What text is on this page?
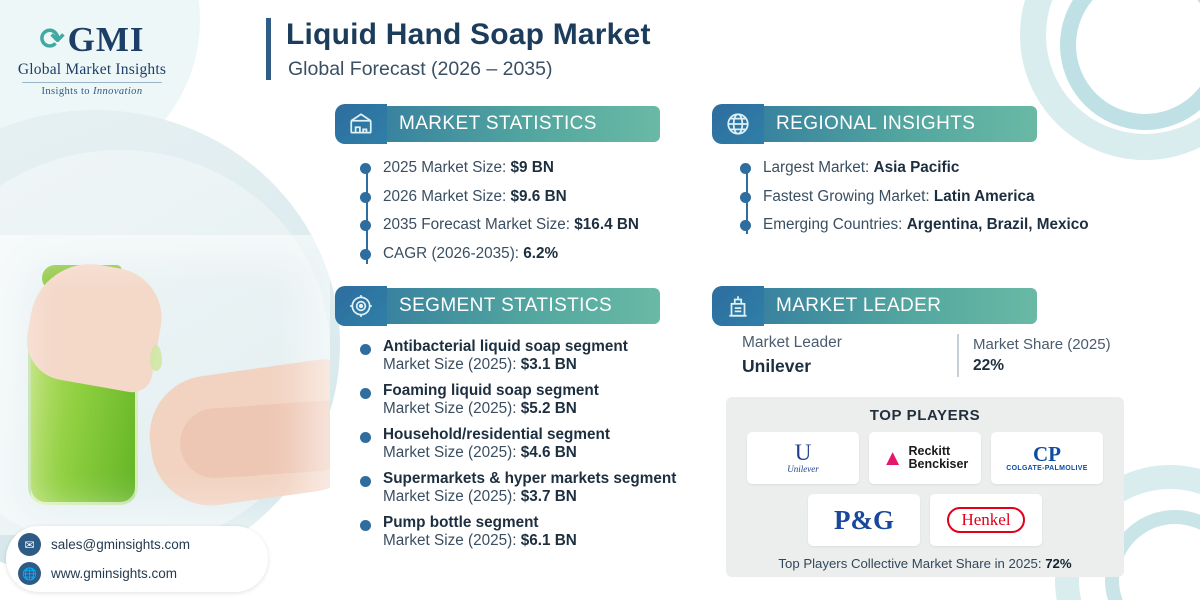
⟳ GMI
Global Market Insights
Insights to Innovation
Liquid Hand Soap Market
Global Forecast (2026 – 2035)
MARKET STATISTICS
2025 Market Size: $9 BN
2026 Market Size: $9.6 BN
2035 Forecast Market Size: $16.4 BN
CAGR (2026-2035): 6.2%
REGIONAL INSIGHTS
Largest Market: Asia Pacific
Fastest Growing Market: Latin America
Emerging Countries: Argentina, Brazil, Mexico
SEGMENT STATISTICS
Antibacterial liquid soap segment
Market Size (2025): $3.1 BN
Foaming liquid soap segment
Market Size (2025): $5.2 BN
Household/residential segment
Market Size (2025): $4.6 BN
Supermarkets & hyper markets segment
Market Size (2025): $3.7 BN
Pump bottle segment
Market Size (2025): $6.1 BN
MARKET LEADER
Market Leader
Unilever
Market Share (2025)
22%
TOP PLAYERS
U
Unilever	▲ Reckitt
Benckiser	CP
COLGATE-PALMOLIVE
P&G	Henkel
Top Players Collective Market Share in 2025: 72%
✉	sales@gminsights.com
🌐 www.gminsights.com
